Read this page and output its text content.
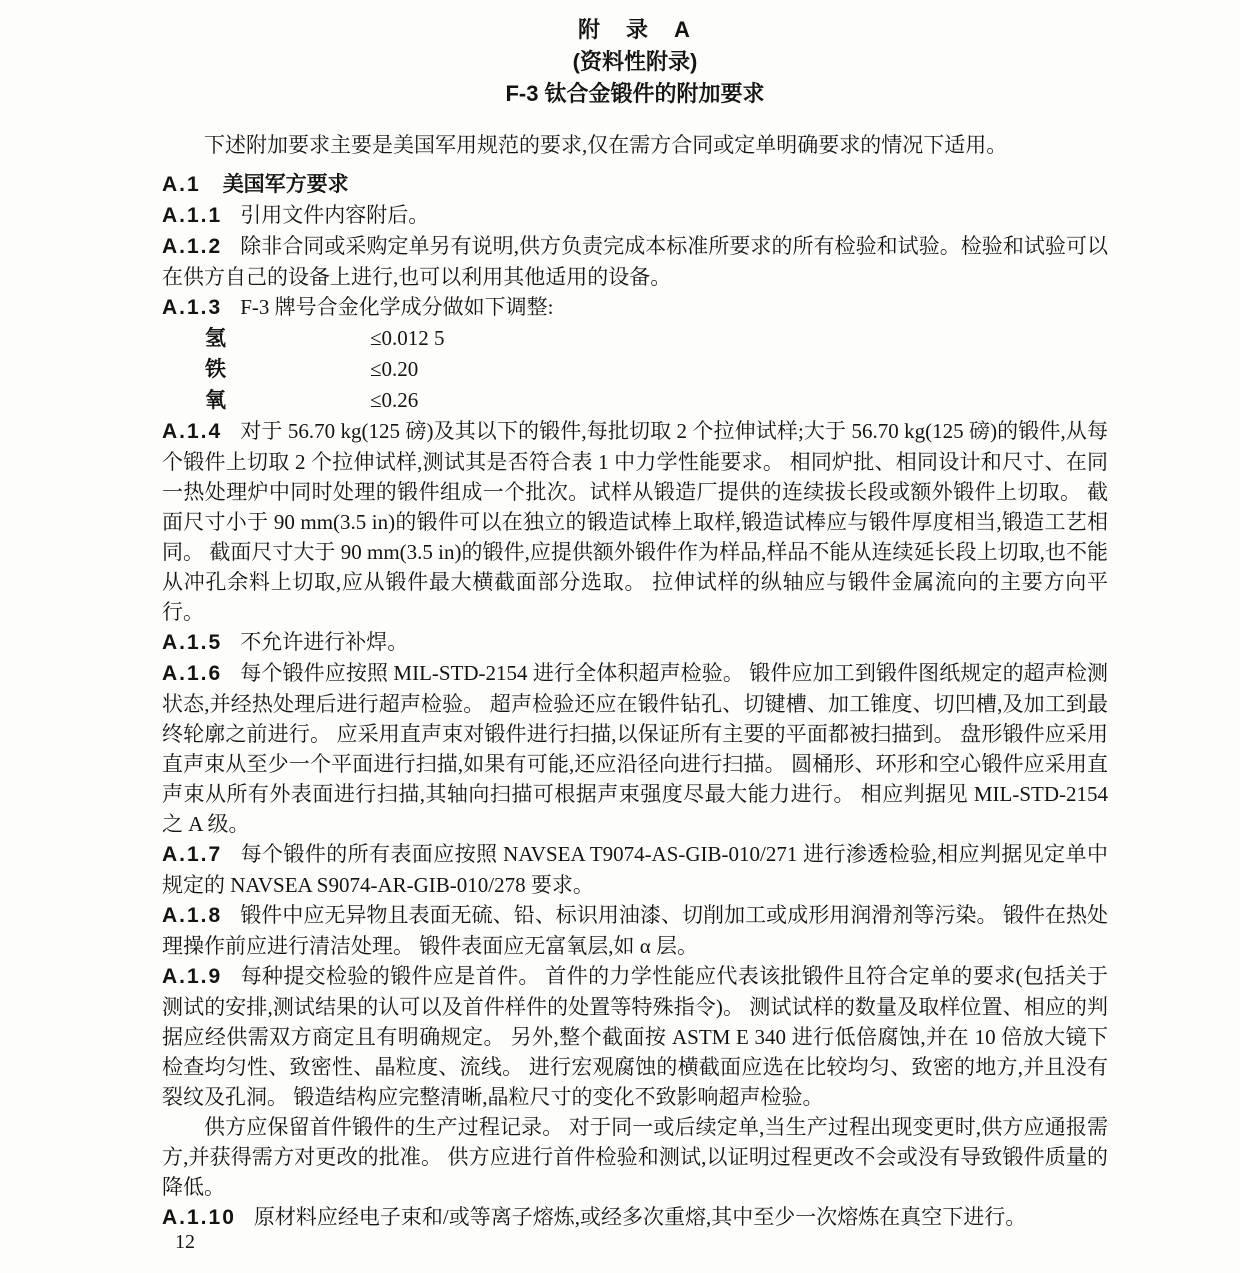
附　录　A
(资料性附录)
F-3 钛合金锻件的附加要求

下述附加要求主要是美国军用规范的要求,仅在需方合同或定单明确要求的情况下适用。

A.1 美国军方要求

A.1.1 引用文件内容附后。

A.1.2 除非合同或采购定单另有说明,供方负责完成本标准所要求的所有检验和试验。检验和试验可以在供方自己的设备上进行,也可以利用其他适用的设备。

A.1.3 F-3 牌号合金化学成分做如下调整:

氢	≤0.012 5
铁	≤0.20
氧	≤0.26

A.1.4 对于 56.70 kg(125 磅)及其以下的锻件,每批切取 2 个拉伸试样;大于 56.70 kg(125 磅)的锻件,从每个锻件上切取 2 个拉伸试样,测试其是否符合表 1 中力学性能要求。 相同炉批、相同设计和尺寸、在同一热处理炉中同时处理的锻件组成一个批次。试样从锻造厂提供的连续拔长段或额外锻件上切取。 截面尺寸小于 90 mm(3.5 in)的锻件可以在独立的锻造试棒上取样,锻造试棒应与锻件厚度相当,锻造工艺相同。 截面尺寸大于 90 mm(3.5 in)的锻件,应提供额外锻件作为样品,样品不能从连续延长段上切取,也不能从冲孔余料上切取,应从锻件最大横截面部分选取。 拉伸试样的纵轴应与锻件金属流向的主要方向平行。

A.1.5 不允许进行补焊。

A.1.6 每个锻件应按照 MIL-STD-2154 进行全体积超声检验。 锻件应加工到锻件图纸规定的超声检测状态,并经热处理后进行超声检验。 超声检验还应在锻件钻孔、切键槽、加工锥度、切凹槽,及加工到最终轮廓之前进行。 应采用直声束对锻件进行扫描,以保证所有主要的平面都被扫描到。 盘形锻件应采用直声束从至少一个平面进行扫描,如果有可能,还应沿径向进行扫描。 圆桶形、环形和空心锻件应采用直声束从所有外表面进行扫描,其轴向扫描可根据声束强度尽最大能力进行。 相应判据见 MIL-STD-2154 之 A 级。

A.1.7 每个锻件的所有表面应按照 NAVSEA T9074-AS-GIB-010/271 进行渗透检验,相应判据见定单中规定的 NAVSEA S9074-AR-GIB-010/278 要求。

A.1.8 锻件中应无异物且表面无硫、铅、标识用油漆、切削加工或成形用润滑剂等污染。 锻件在热处理操作前应进行清洁处理。 锻件表面应无富氧层,如 α 层。

A.1.9 每种提交检验的锻件应是首件。 首件的力学性能应代表该批锻件且符合定单的要求(包括关于测试的安排,测试结果的认可以及首件样件的处置等特殊指令)。 测试试样的数量及取样位置、相应的判据应经供需双方商定且有明确规定。 另外,整个截面按 ASTM E 340 进行低倍腐蚀,并在 10 倍放大镜下检查均匀性、致密性、晶粒度、流线。 进行宏观腐蚀的横截面应选在比较均匀、致密的地方,并且没有裂纹及孔洞。 锻造结构应完整清晰,晶粒尺寸的变化不致影响超声检验。

供方应保留首件锻件的生产过程记录。 对于同一或后续定单,当生产过程出现变更时,供方应通报需方,并获得需方对更改的批准。 供方应进行首件检验和测试,以证明过程更改不会或没有导致锻件质量的降低。

A.1.10 原材料应经电子束和/或等离子熔炼,或经多次重熔,其中至少一次熔炼在真空下进行。

12
